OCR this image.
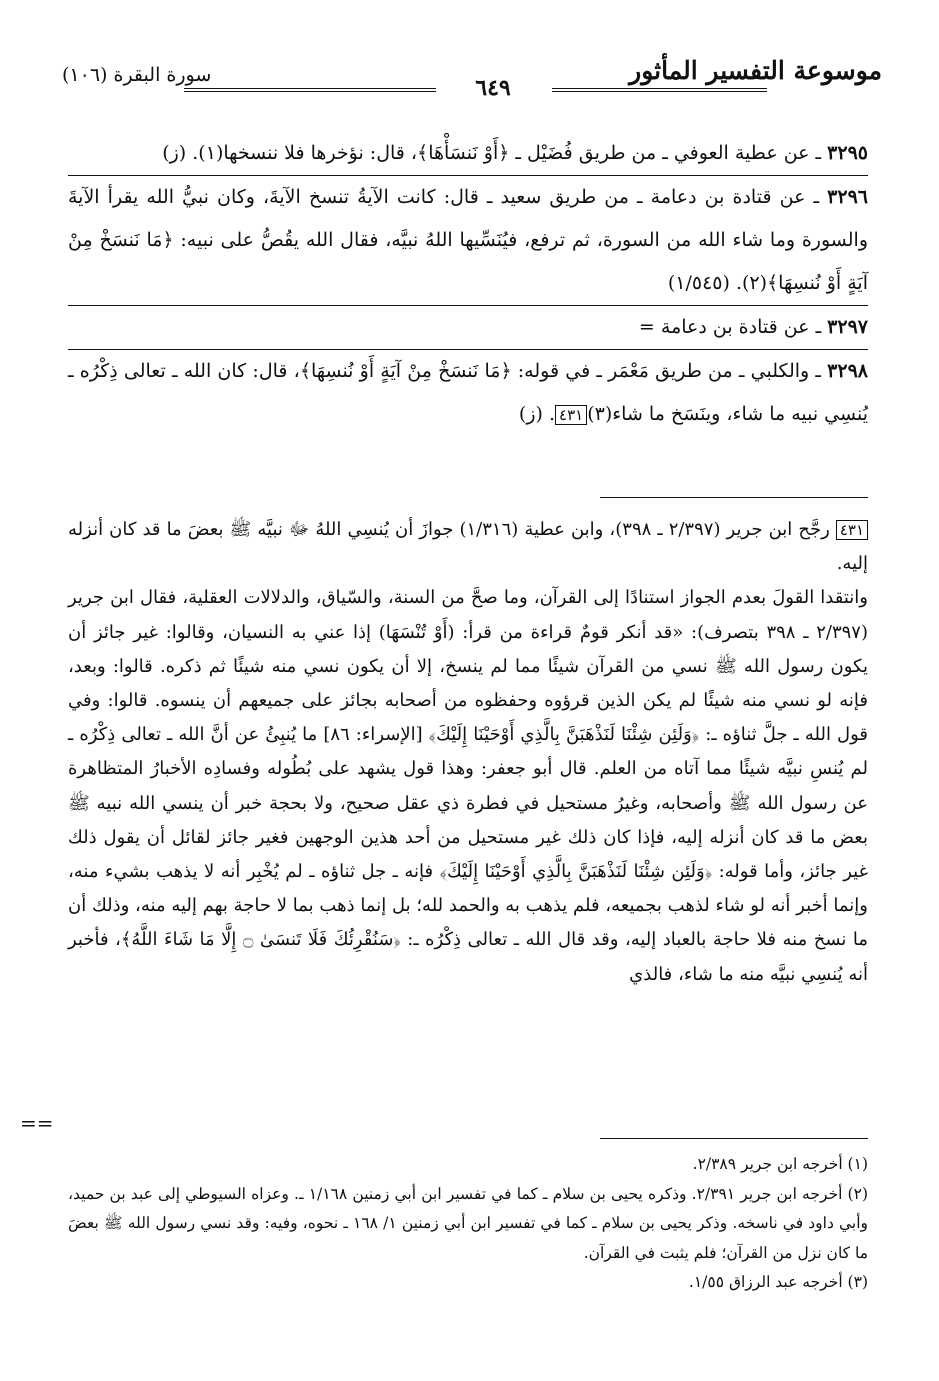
سورة البقرة (١٠٦)	٦٤٩
موسوعة التفسير المأثور

٣٢٩٥ ـ عن عطية العوفي ـ من طريق فُضَيْل ـ ﴿أَوْ نَنسَأْهَا﴾، قال: نؤخرها فلا ننسخها(١). (ز)

٣٢٩٦ ـ عن قتادة بن دعامة ـ من طريق سعيد ـ قال: كانت الآيةُ تنسخ الآيةَ، وكان نبيُّ الله يقرأ الآيةَ والسورة وما شاء الله من السورة، ثم ترفع، فيُنَسِّيها اللهُ نبيَّه، فقال الله يقُصُّ على نبيه: ﴿مَا نَنسَخْ مِنْ آيَةٍ أَوْ نُنسِهَا﴾(٢). (١/٥٤٥)

٣٢٩٧ ـ عن قتادة بن دعامة =

٣٢٩٨ ـ والكلبي ـ من طريق مَعْمَر ـ في قوله: ﴿مَا نَنسَخْ مِنْ آيَةٍ أَوْ نُنسِهَا﴾، قال: كان الله ـ تعالى ذِكْرُه ـ يُنسِي نبيه ما شاء، وينَسَخ ما شاء(٣)٤٣١. (ز)

٤٣١ رجَّح ابن جرير (٢/٣٩٧ ـ ٣٩٨)، وابن عطية (١/٣١٦) جوازَ أن يُنسِي اللهُ ﷻ نبيَّه ﷺ بعضَ ما قد كان أنزله إليه.
وانتقدا القولَ بعدم الجواز استنادًا إلى القرآن، وما صحَّ من السنة، والسّياق، والدلالات العقلية، فقال ابن جرير (٢/٣٩٧ ـ ٣٩٨ بتصرف): «قد أنكر قومٌ قراءة من قرأ: (أَوْ تُنْسَهَا) إذا عني به النسيان، وقالوا: غير جائز أن يكون رسول الله ﷺ نسي من القرآن شيئًا مما لم ينسخ، إلا أن يكون نسي منه شيئًا ثم ذكره. قالوا: وبعد، فإنه لو نسي منه شيئًا لم يكن الذين قرؤوه وحفظوه من أصحابه بجائز على جميعهم أن ينسوه. قالوا: وفي قول الله ـ جلَّ ثناؤه ـ: ﴿وَلَئِن شِئْنَا لَنَذْهَبَنَّ بِالَّذِي أَوْحَيْنَا إِلَيْكَ﴾ [الإسراء: ٨٦] ما يُنبِئُ عن أنَّ الله ـ تعالى ذِكْرُه ـ لم يُنسِ نبيَّه شيئًا مما آتاه من العلم. قال أبو جعفر: وهذا قول يشهد على بُطُوله وفسادِه الأخبارُ المتظاهرة عن رسول الله ﷺ وأصحابه، وغيرُ مستحيل في فطرة ذي عقل صحيح، ولا بحجة خبر أن ينسي الله نبيه ﷺ بعض ما قد كان أنزله إليه، فإذا كان ذلك غير مستحيل من أحد هذين الوجهين فغير جائز لقائل أن يقول ذلك غير جائز، وأما قوله: ﴿وَلَئِن شِئْنَا لَنَذْهَبَنَّ بِالَّذِي أَوْحَيْنَا إِلَيْكَ﴾ فإنه ـ جل ثناؤه ـ لم يُخْبِر أنه لا يذهب بشيء منه، وإنما أخبر أنه لو شاء لذهب بجميعه، فلم يذهب به والحمد لله؛ بل إنما ذهب بما لا حاجة بهم إليه منه، وذلك أن ما نسخ منه فلا حاجة بالعباد إليه، وقد قال الله ـ تعالى ذِكْرُه ـ: ﴿سَنُقْرِئُكَ فَلَا تَنسَىٰ ۝ إِلَّا مَا شَاءَ اللَّهُ﴾، فأخبر أنه يُنسِي نبيَّه منه ما شاء، فالذي
==

(١) أخرجه ابن جرير ٢/٣٨٩.

(٢) أخرجه ابن جرير ٢/٣٩١. وذكره يحيى بن سلام ـ كما في تفسير ابن أبي زمنين ١/١٦٨ ـ. وعزاه السيوطي إلى عبد بن حميد، وأبي داود في ناسخه. وذكر يحيى بن سلام ـ كما في تفسير ابن أبي زمنين ١/ ١٦٨ ـ نحوه، وفيه: وقد نسي رسول الله ﷺ بعضَ ما كان نزل من القرآن؛ فلم يثبت في القرآن.

(٣) أخرجه عبد الرزاق ١/٥٥.
